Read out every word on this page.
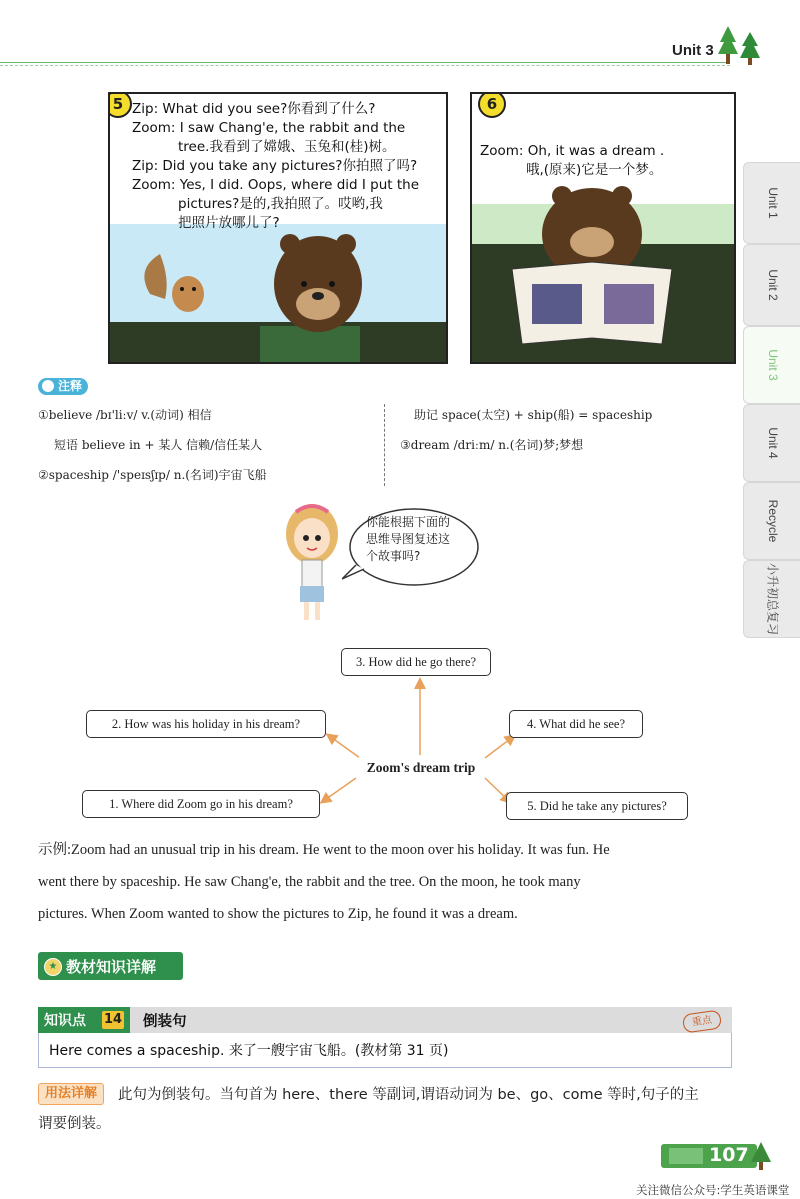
Unit 3
Unit 1
Unit 2
Unit 3
Unit 4
Recycle
小升初总复习
5 Zip: What did you see?你看到了什么?
Zoom: I saw Chang'e, the rabbit and the
tree.我看到了嫦娥、玉兔和(桂)树。
Zip: Did you take any pictures?你拍照了吗?
Zoom: Yes, I did. Oops, where did I put the
pictures?是的,我拍照了。哎哟,我
把照片放哪儿了?
6
Zoom: Oh, it was a dream .
哦,(原来)它是一个梦。
注释
①believe /bɪ'liːv/ v.(动词) 相信
短语 believe in + 某人 信赖/信任某人
②spaceship /'speɪsʃɪp/ n.(名词)宇宙飞船
助记 space(太空) + ship(船) = spaceship
③dream /driːm/ n.(名词)梦;梦想
你能根据下面的
思维导图复述这
个故事吗?
3. How did he go there?
2. How was his holiday in his dream?	4. What did he see?
Zoom's dream trip
1. Where did Zoom go in his dream?	5. Did he take any pictures?
示例:Zoom had an unusual trip in his dream. He went to the moon over his holiday. It was fun. He
went there by spaceship. He saw Chang'e, the rabbit and the tree. On the moon, he took many
pictures. When Zoom wanted to show the pictures to Zip, he found it was a dream.
★ 教材知识详解
知识点 14 倒装句	重点
Here comes a spaceship. 来了一艘宇宙飞船。(教材第 31 页)
用法详解	此句为倒装句。当句首为 here、there 等副词,谓语动词为 be、go、come 等时,句子的主
谓要倒装。
107
关注微信公众号:学生英语课堂
